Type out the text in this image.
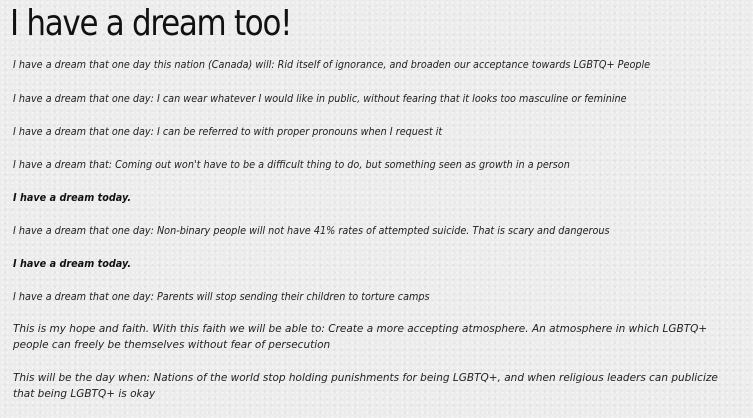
I have a dream too!

I have a dream that one day this nation (Canada) will: Rid itself of ignorance, and broaden our acceptance towards LGBTQ+ People

I have a dream that one day: I can wear whatever I would like in public, without fearing that it looks too masculine or feminine

I have a dream that one day: I can be referred to with proper pronouns when I request it

I have a dream that: Coming out won't have to be a difficult thing to do, but something seen as growth in a person

I have a dream today.

I have a dream that one day: Non-binary people will not have 41% rates of attempted suicide. That is scary and dangerous

I have a dream today.

I have a dream that one day: Parents will stop sending their children to torture camps

This is my hope and faith. With this faith we will be able to: Create a more accepting atmosphere. An atmosphere in which LGBTQ+ people can freely be themselves without fear of persecution

This will be the day when: Nations of the world stop holding punishments for being LGBTQ+, and when religious leaders can publicize that being LGBTQ+ is okay
